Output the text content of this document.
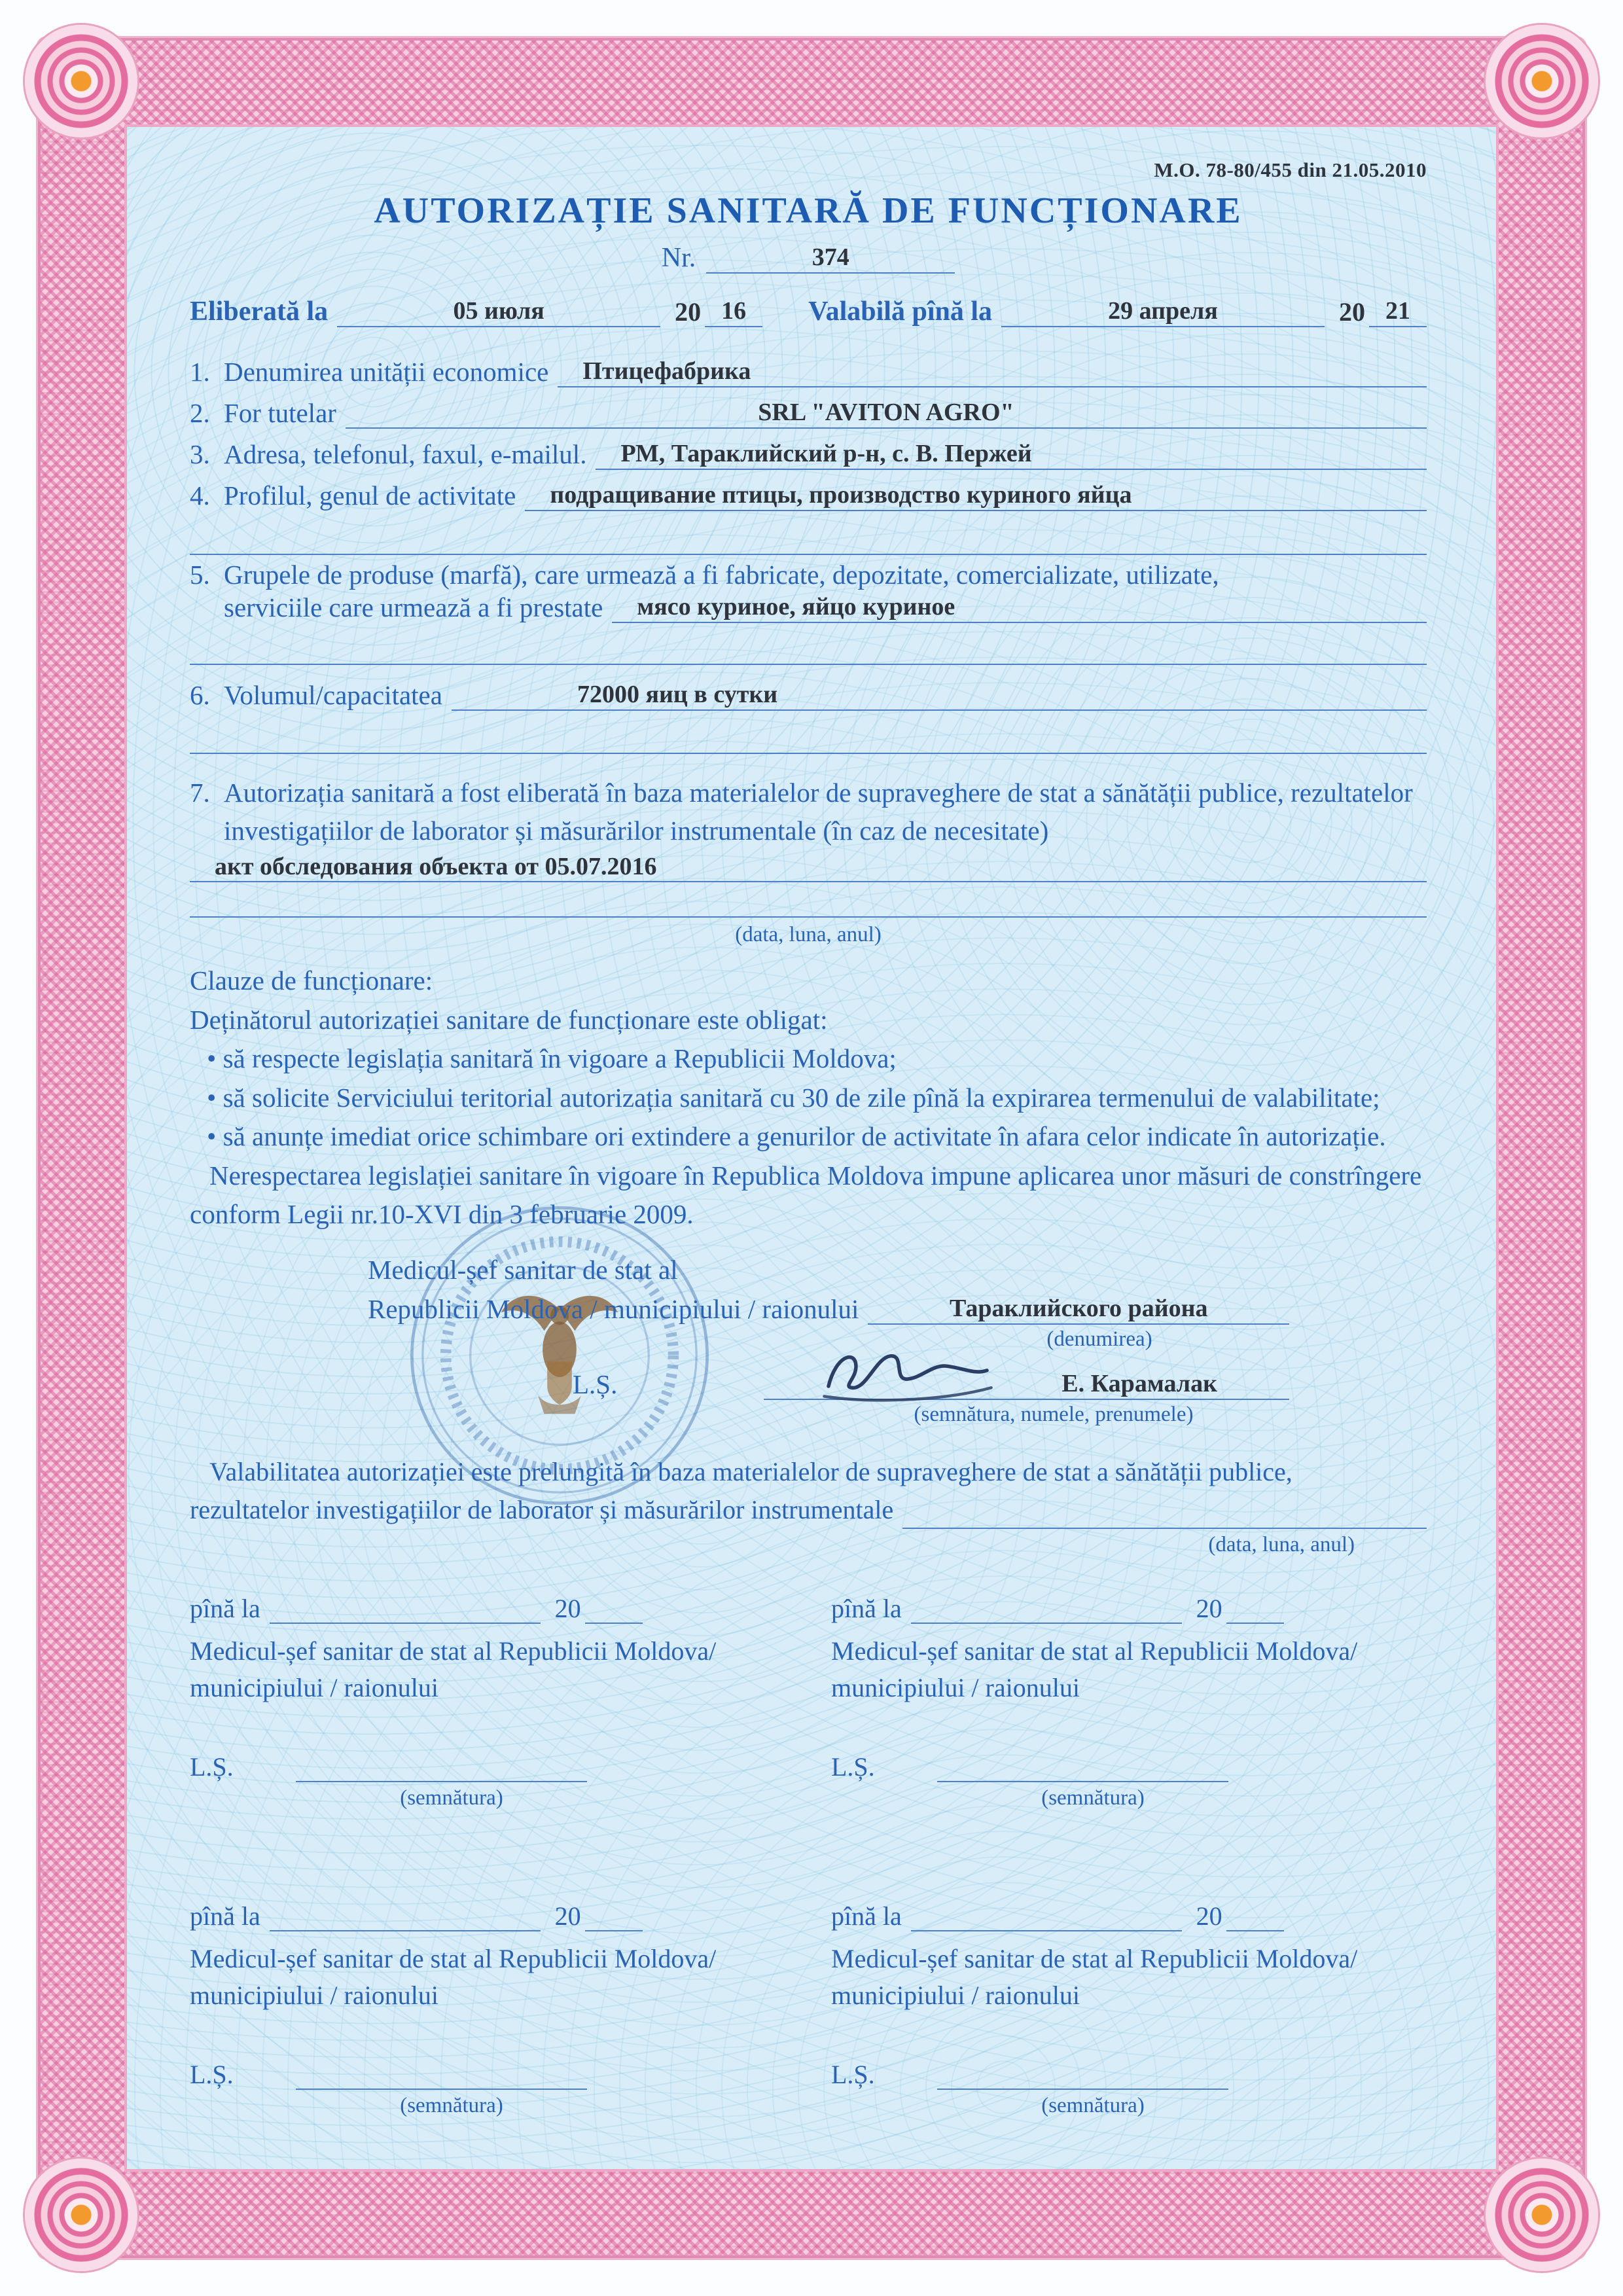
M.O. 78-80/455 din 21.05.2010
AUTORIZAȚIE SANITARĂ DE FUNCȚIONARE
Nr.	374
Eliberată la	05 июля	20 16 Valabilă pînă la	29 апреля	20 21
1. Denumirea unității economice	Птицефабрика
2. For tutelar	SRL "AVITON AGRO"
3. Adresa, telefonul, faxul, e-mailul.	РМ, Тараклийский р-н, с. В. Пержей
4. Profilul, genul de activitate	подращивание птицы, производство куриного яйца
5. Grupele de produse (marfă), care urmează a fi fabricate, depozitate, comercializate, utilizate,
serviciile care urmează a fi prestate	мясо куриное, яйцо куриное
6. Volumul/capacitatea	72000 яиц в сутки
7. Autorizația sanitară a fost eliberată în baza materialelor de supraveghere de stat a sănătății publice, rezultatelor investigațiilor de laborator și măsurărilor instrumentale (în caz de necesitate)
акт обследования объекта от 05.07.2016
(data, luna, anul)
Clauze de funcționare:
Deținătorul autorizației sanitare de funcționare este obligat:
• să respecte legislația sanitară în vigoare a Republicii Moldova;
• să solicite Serviciului teritorial autorizația sanitară cu 30 de zile pînă la expirarea termenului de valabilitate;
• să anunțe imediat orice schimbare ori extindere a genurilor de activitate în afara celor indicate în autorizație.
Nerespectarea legislației sanitare în vigoare în Republica Moldova impune aplicarea unor măsuri de constrîngere conform Legii nr.10-XVI din 3 februarie 2009.
Medicul-șef sanitar de stat al
Republicii Moldova / municipiului / raionului	Тараклийского района
(denumirea)
L.Ș.	Е. Карамалак
(semnătura, numele, prenumele)
Valabilitatea autorizației este prelungită în baza materialelor de supraveghere de stat a sănătății publice,
rezultatelor investigațiilor de laborator și măsurărilor instrumentale
(data, luna, anul)
pînă la	20
Medicul-șef sanitar de stat al Republicii Moldova/
municipiului / raionului
L.Ș.
(semnătura)
pînă la	20
Medicul-șef sanitar de stat al Republicii Moldova/
municipiului / raionului
L.Ș.
(semnătura)
pînă la	20
Medicul-șef sanitar de stat al Republicii Moldova/
municipiului / raionului
L.Ș.
(semnătura)
pînă la	20
Medicul-șef sanitar de stat al Republicii Moldova/
municipiului / raionului
L.Ș.
(semnătura)
